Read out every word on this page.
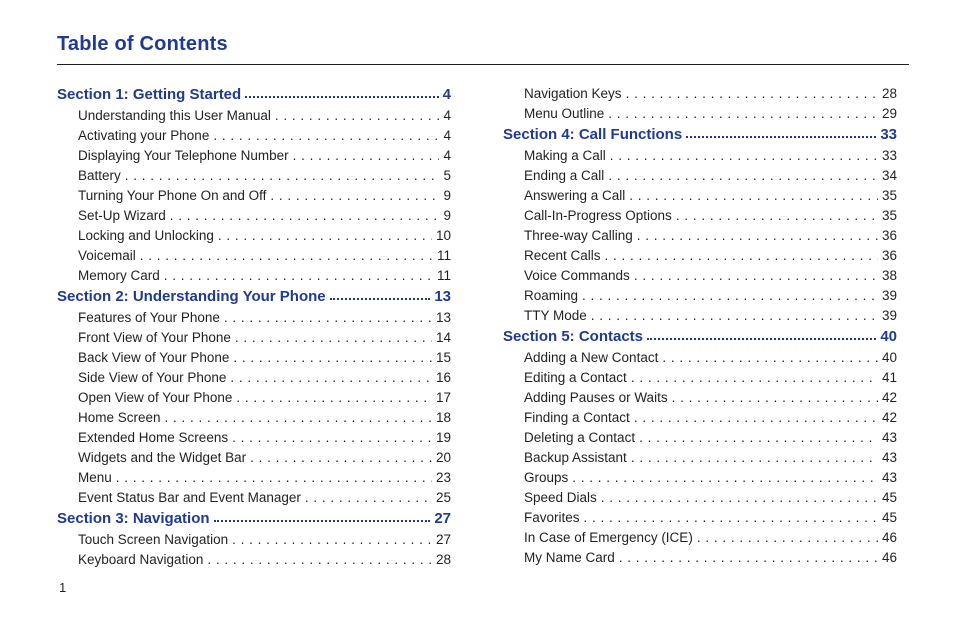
Table of Contents
Section 1: Getting Started	4
Understanding this User Manual . . .	4
Activating your Phone . . .	4
Displaying Your Telephone Number . . .	4
Battery . . .	5
Turning Your Phone On and Off . . .	9
Set-Up Wizard . . .	9
Locking and Unlocking . . .	10
Voicemail . . .	11
Memory Card . . .	11
Section 2: Understanding Your Phone	13
Features of Your Phone . . .	13
Front View of Your Phone . . .	14
Back View of Your Phone . . .	15
Side View of Your Phone . . .	16
Open View of Your Phone . . .	17
Home Screen . . .	18
Extended Home Screens . . .	19
Widgets and the Widget Bar . . .	20
Menu . . .	23
Event Status Bar and Event Manager . . .	25
Section 3: Navigation	27
Touch Screen Navigation . . .	27
Keyboard Navigation . . .	28
Navigation Keys . . .	28
Menu Outline . . .	29
Section 4: Call Functions	33
Making a Call . . .	33
Ending a Call . . .	34
Answering a Call . . .	35
Call-In-Progress Options . . .	35
Three-way Calling . . .	36
Recent Calls . . .	36
Voice Commands . . .	38
Roaming . . .	39
TTY Mode . . .	39
Section 5: Contacts	40
Adding a New Contact . . .	40
Editing a Contact . . .	41
Adding Pauses or Waits . . .	42
Finding a Contact . . .	42
Deleting a Contact . . .	43
Backup Assistant . . .	43
Groups . . .	43
Speed Dials . . .	45
Favorites . . .	45
In Case of Emergency (ICE) . . .	46
My Name Card . . .	46
1
